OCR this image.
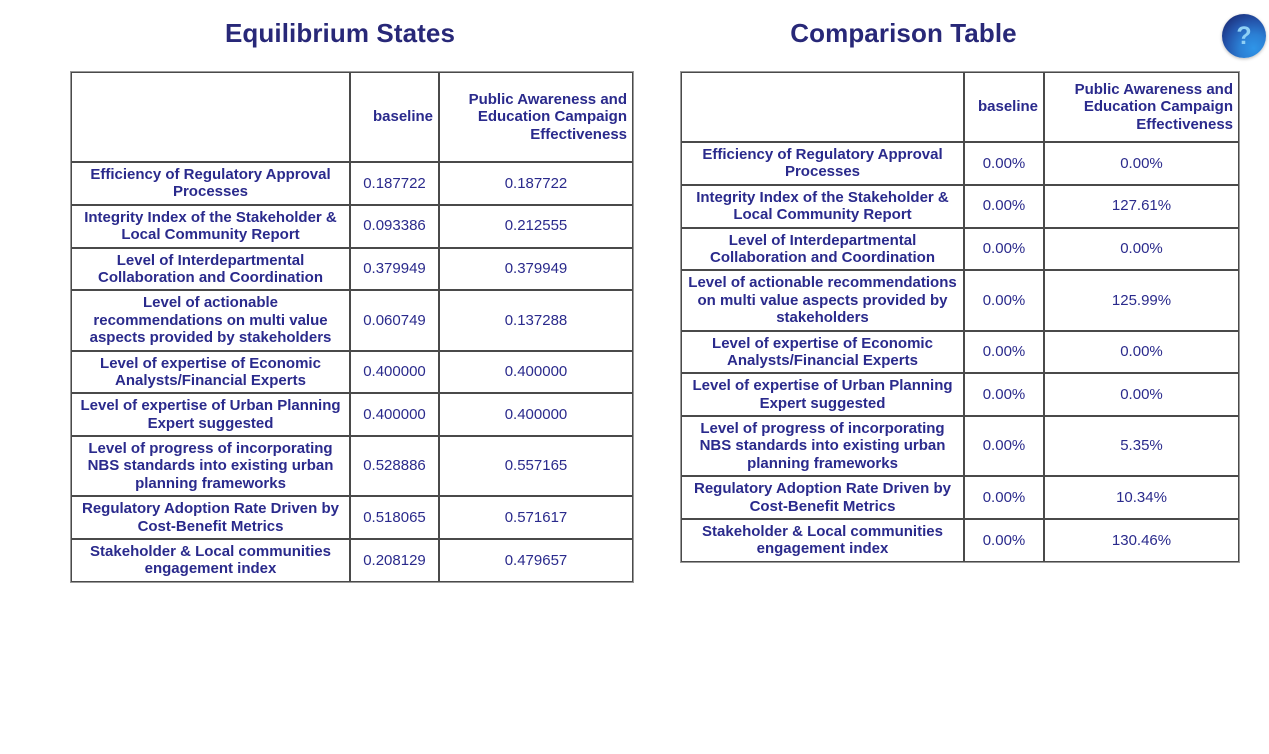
Equilibrium States
	baseline	Public Awareness and Education Campaign Effectiveness
Efficiency of Regulatory Approval Processes	0.187722	0.187722
Integrity Index of the Stakeholder & Local Community Report	0.093386	0.212555
Level of Interdepartmental Collaboration and Coordination	0.379949	0.379949
Level of actionable recommendations on multi value aspects provided by stakeholders	0.060749	0.137288
Level of expertise of Economic Analysts/Financial Experts	0.400000	0.400000
Level of expertise of Urban Planning Expert suggested	0.400000	0.400000
Level of progress of incorporating NBS standards into existing urban planning frameworks	0.528886	0.557165
Regulatory Adoption Rate Driven by Cost-Benefit Metrics	0.518065	0.571617
Stakeholder & Local communities engagement index	0.208129	0.479657
Comparison Table
	baseline	Public Awareness and Education Campaign Effectiveness
Efficiency of Regulatory Approval Processes	0.00%	0.00%
Integrity Index of the Stakeholder & Local Community Report	0.00%	127.61%
Level of Interdepartmental Collaboration and Coordination	0.00%	0.00%
Level of actionable recommendations on multi value aspects provided by stakeholders	0.00%	125.99%
Level of expertise of Economic Analysts/Financial Experts	0.00%	0.00%
Level of expertise of Urban Planning Expert suggested	0.00%	0.00%
Level of progress of incorporating NBS standards into existing urban planning frameworks	0.00%	5.35%
Regulatory Adoption Rate Driven by Cost-Benefit Metrics	0.00%	10.34%
Stakeholder & Local communities engagement index	0.00%	130.46%
?
